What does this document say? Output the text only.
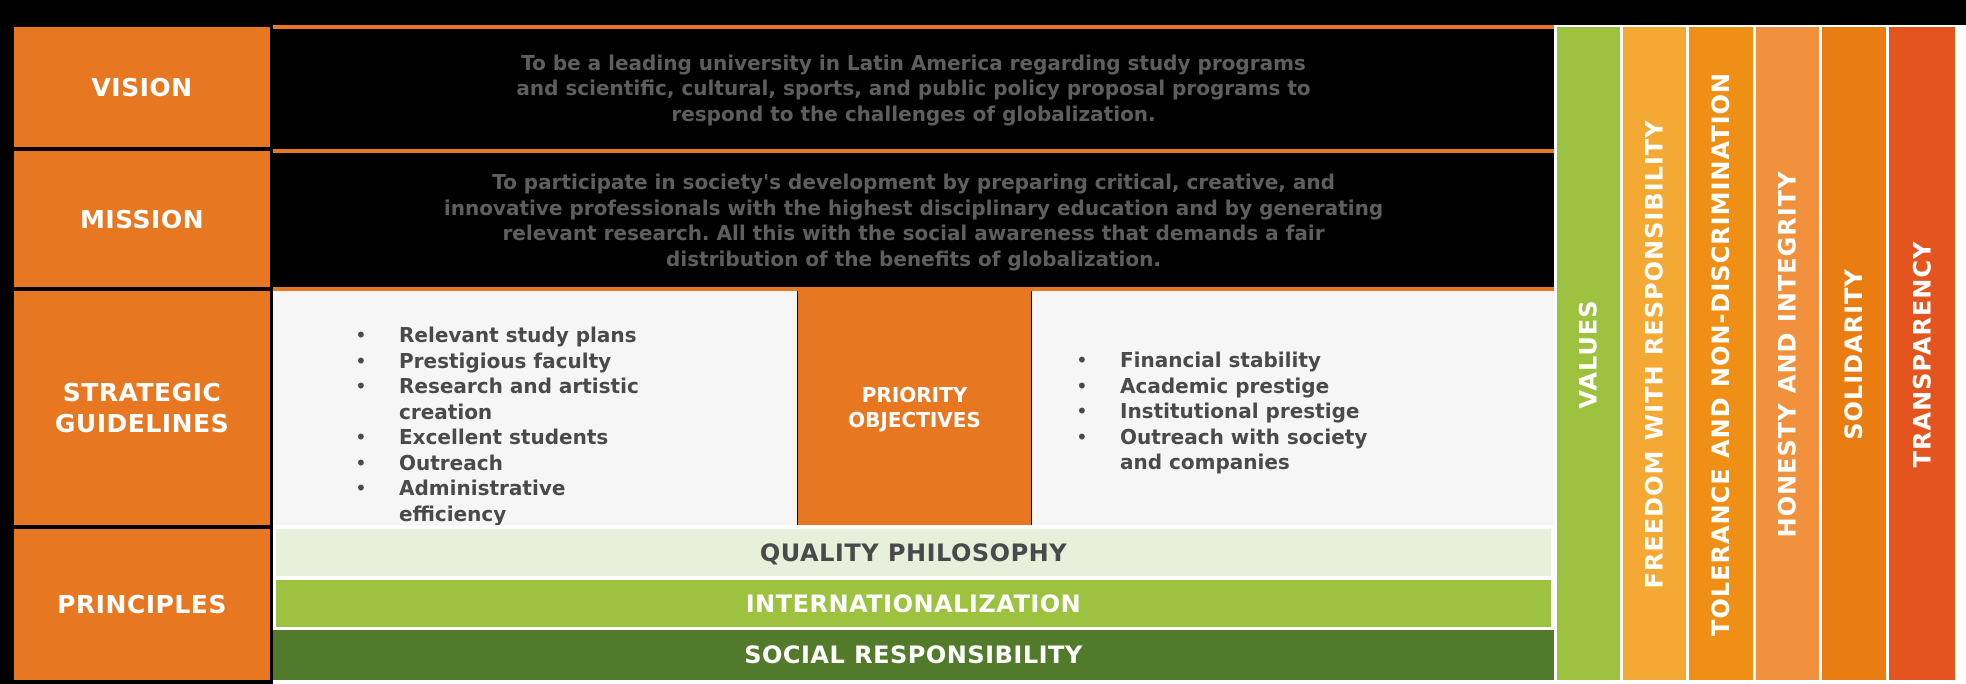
VISION
MISSION
STRATEGIC
GUIDELINES
PRINCIPLES
To be a leading university in Latin America regarding study programs
and scientific, cultural, sports, and public policy proposal programs to
respond to the challenges of globalization.
To participate in society's development by preparing critical, creative, and
innovative professionals with the highest disciplinary education and by generating
relevant research. All this with the social awareness that demands a fair
distribution of the benefits of globalization.
• Relevant study plans
• Prestigious faculty
• Research and artistic creation
• Excellent students
• Outreach
• Administrative efficiency
PRIORITY
OBJECTIVES
• Financial stability
• Academic prestige
• Institutional prestige
• Outreach with society and companies
QUALITY PHILOSOPHY
INTERNATIONALIZATION
SOCIAL RESPONSIBILITY
VALUES FREEDOM WITH RESPONSIBILITY TOLERANCE AND NON-DISCRIMINATION HONESTY AND INTEGRITY SOLIDARITY TRANSPARENCY
